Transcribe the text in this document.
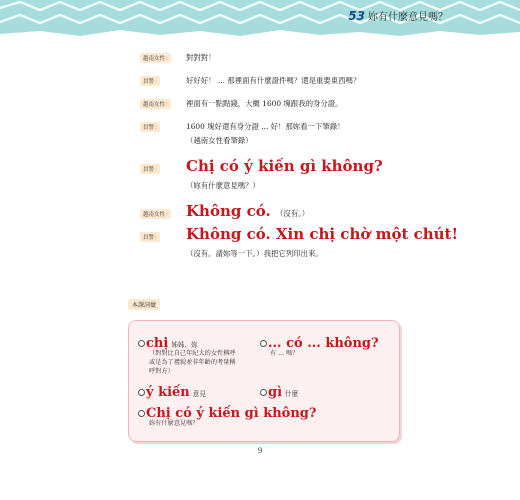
53 妳有什麼意見嗎？
越南女性⁝	對對對！
員警⁝	好好好！ ... 那裡面有什麼證件嗎？還是重要東西嗎？
越南女性⁝	裡面有一點點錢，大概 1600 塊跟我的身分證。
員警⁝	1600 塊好還有身分證 ... 好！那妳看一下筆錄！
（越南女性看筆錄）
員警⁝ Chị có ý kiến gì không?
（妳有什麼意見嗎？）
越南女性⁝ Không có. （沒有。）
員警⁝ Không có. Xin chị chờ một chút!
（沒有。請妳等一下。）我把它列印出來。
本課詞彙
chị 姊姊、妳
（對對比自己年紀大的女性稱呼
或是為了禮貌並非年齡的考量稱
呼對方）
... có ... không?
有 ... 嗎？
ý kiến 意見	gì 什麼
Chị có ý kiến gì không?
妳有什麼意見嗎？
9
